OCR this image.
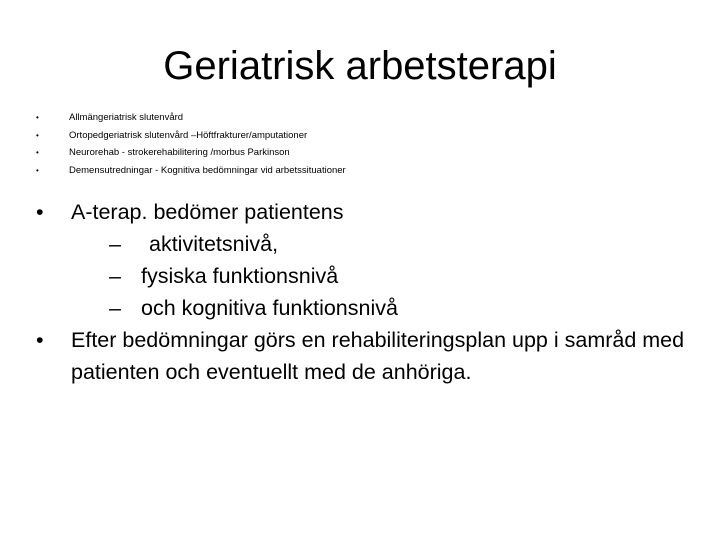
Geriatrisk arbetsterapi
•	Allmängeriatrisk slutenvård
•	Ortopedgeriatrisk slutenvård –Höftfrakturer/amputationer
•	Neurorehab - strokerehabilitering /morbus Parkinson
•	Demensutredningar - Kognitiva bedömningar vid arbetssituationer
• A-terap. bedömer patientens
– aktivitetsnivå,
– fysiska funktionsnivå
– och kognitiva funktionsnivå
• Efter bedömningar görs en rehabiliteringsplan upp i samråd med patienten och eventuellt med de anhöriga.
